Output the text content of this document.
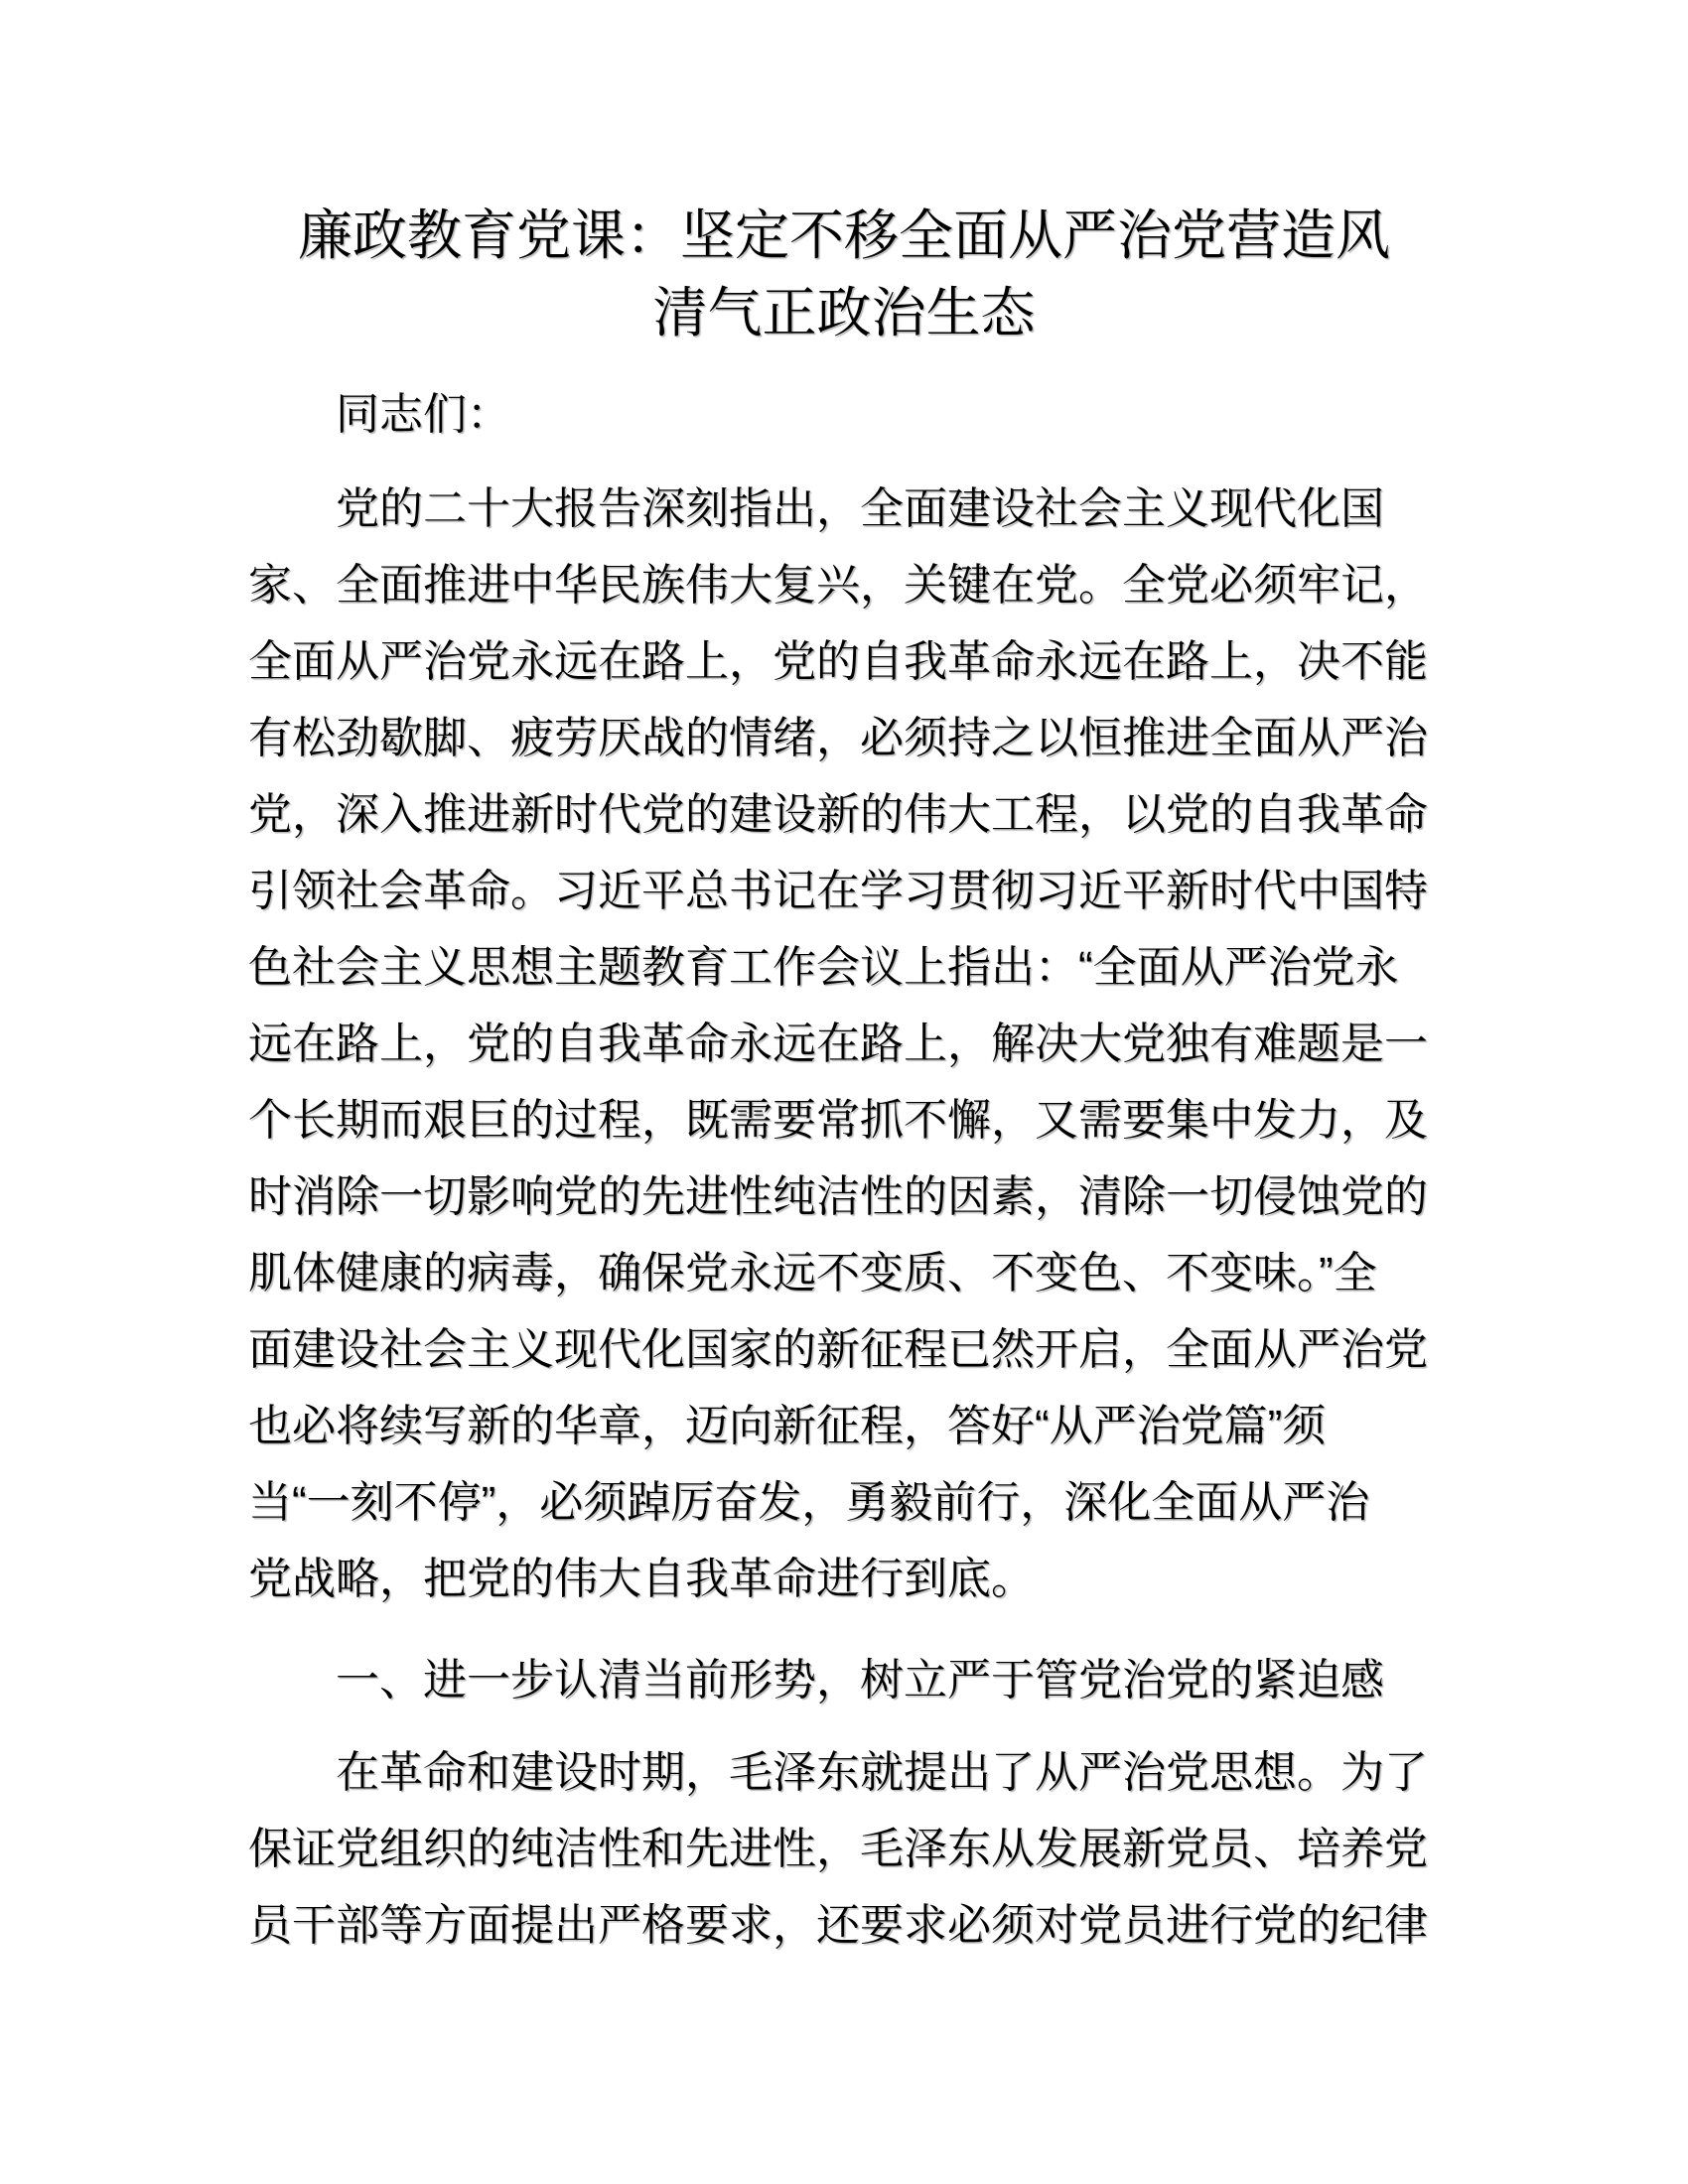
廉政教育党课：坚定不移全面从严治党营造风
清气正政治生态
同志们：
党的二十大报告深刻指出，全面建设社会主义现代化国
家、全面推进中华民族伟大复兴，关键在党。全党必须牢记，
全面从严治党永远在路上，党的自我革命永远在路上，决不能
有松劲歇脚、疲劳厌战的情绪，必须持之以恒推进全面从严治
党，深入推进新时代党的建设新的伟大工程，以党的自我革命
引领社会革命。习近平总书记在学习贯彻习近平新时代中国特
色社会主义思想主题教育工作会议上指出：“全面从严治党永
远在路上，党的自我革命永远在路上，解决大党独有难题是一
个长期而艰巨的过程，既需要常抓不懈，又需要集中发力，及
时消除一切影响党的先进性纯洁性的因素，清除一切侵蚀党的
肌体健康的病毒，确保党永远不变质、不变色、不变味。”全
面建设社会主义现代化国家的新征程已然开启，全面从严治党
也必将续写新的华章，迈向新征程，答好“从严治党篇”须
当“一刻不停”，必须踔厉奋发，勇毅前行，深化全面从严治
党战略，把党的伟大自我革命进行到底。
一、进一步认清当前形势，树立严于管党治党的紧迫感
在革命和建设时期，毛泽东就提出了从严治党思想。为了
保证党组织的纯洁性和先进性，毛泽东从发展新党员、培养党
员干部等方面提出严格要求，还要求必须对党员进行党的纪律
